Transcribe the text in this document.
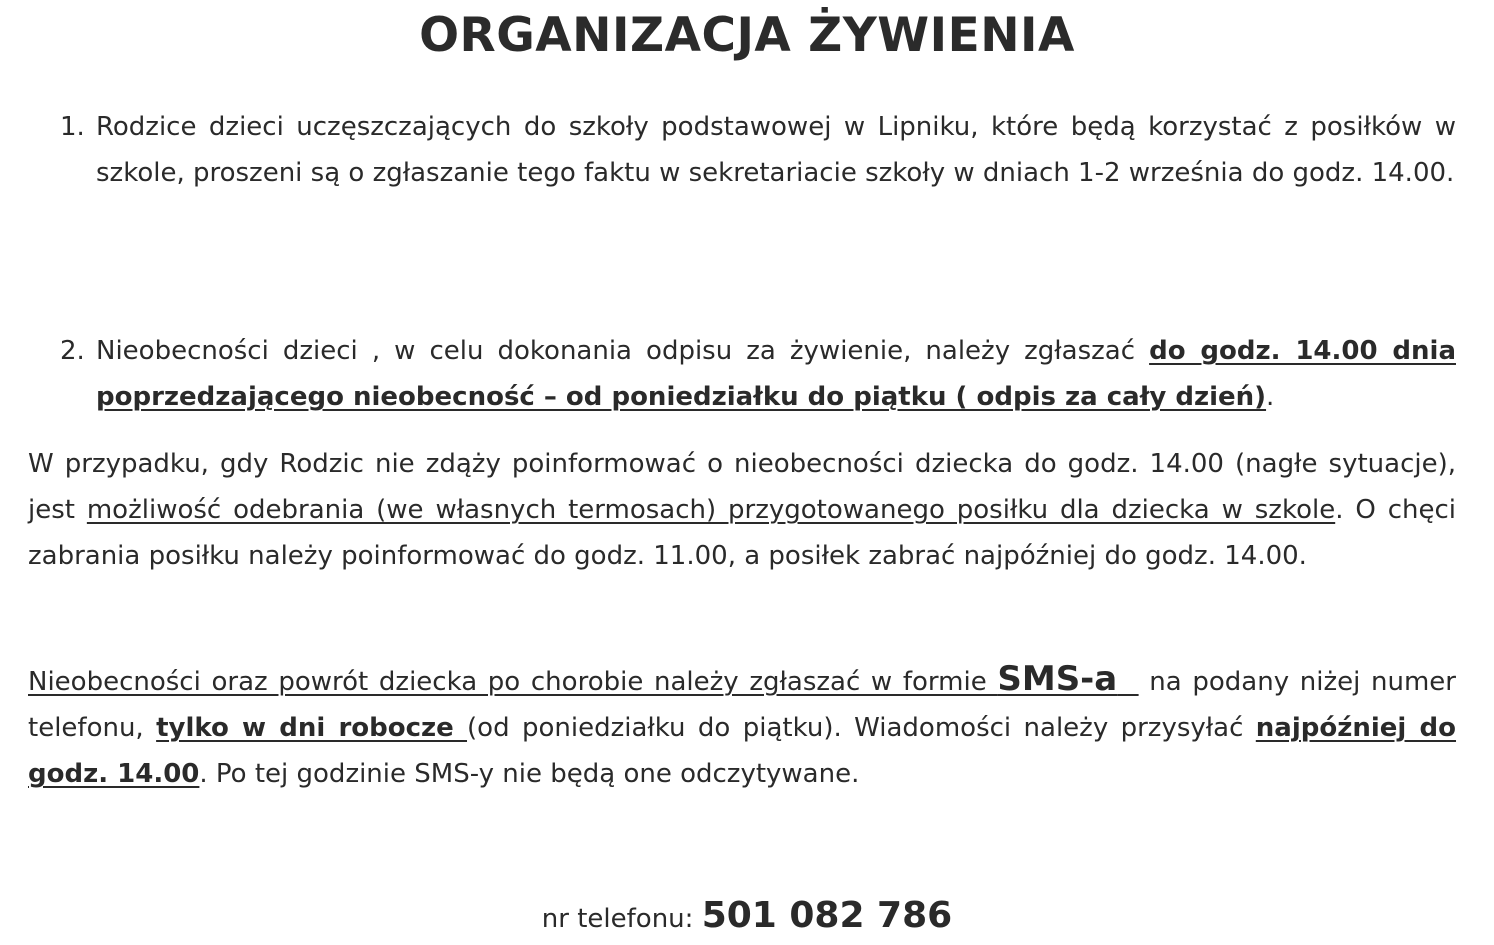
ORGANIZACJA ŻYWIENIA
1. Rodzice dzieci uczęszczających do szkoły podstawowej w Lipniku, które będą korzystać z posiłków w szkole, proszeni są o zgłaszanie tego faktu w sekretariacie szkoły w dniach 1-2 września do godz. 14.00.
2. Nieobecności dzieci , w celu dokonania odpisu za żywienie, należy zgłaszać do godz. 14.00 dnia poprzedzającego nieobecność – od poniedziałku do piątku ( odpis za cały dzień).
W przypadku, gdy Rodzic nie zdąży poinformować o nieobecności dziecka do godz. 14.00 (nagłe sytuacje), jest możliwość odebrania (we własnych termosach) przygotowanego posiłku dla dziecka w szkole. O chęci zabrania posiłku należy poinformować do godz. 11.00, a posiłek zabrać najpóźniej do godz. 14.00.
Nieobecności oraz powrót dziecka po chorobie należy zgłaszać w formie SMS-a   na podany niżej numer telefonu, tylko w dni robocze (od poniedziałku do piątku). Wiadomości należy przysyłać najpóźniej do godz. 14.00. Po tej godzinie SMS-y nie będą one odczytywane.
nr telefonu: 501 082 786
